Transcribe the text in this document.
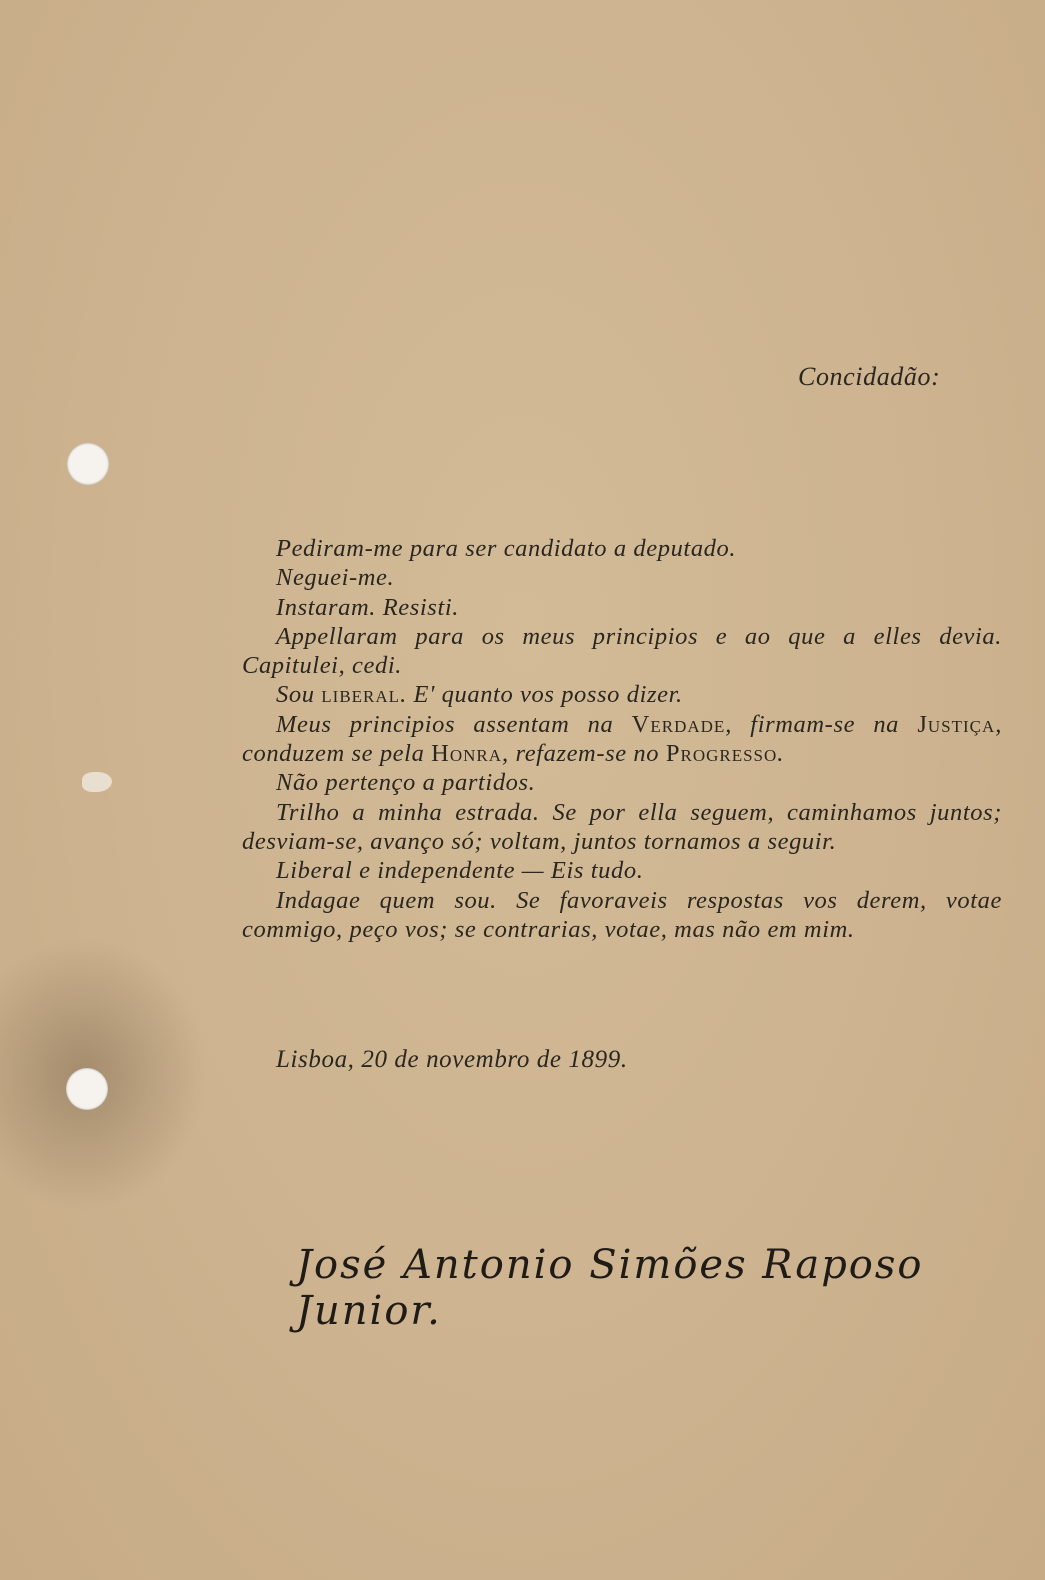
Concidadão:

Pediram-me para ser candidato a deputado.

Neguei-me.

Instaram. Resisti.

Appellaram para os meus principios e ao que a elles devia. Capitulei, cedi.

Sou liberal. E' quanto vos posso dizer.

Meus principios assentam na Verdade, firmam-se na Justiça, conduzem se pela Honra, refazem-se no Progresso.

Não pertenço a partidos.

Trilho a minha estrada. Se por ella seguem, caminhamos juntos; desviam-se, avanço só; voltam, juntos tornamos a seguir.

Liberal e independente — Eis tudo.

Indagae quem sou. Se favoraveis respostas vos derem, votae commigo, peço vos; se contrarias, votae, mas não em mim.

Lisboa, 20 de novembro de 1899.
José Antonio Simões Raposo Junior.
